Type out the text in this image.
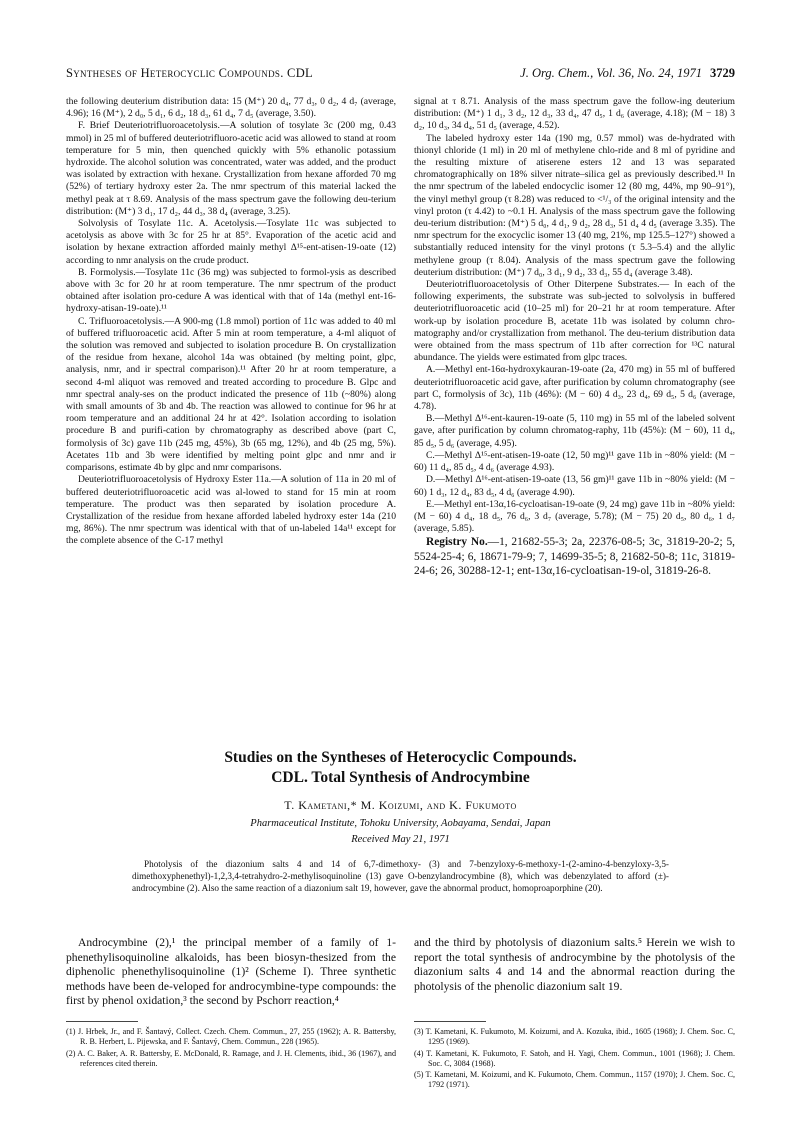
Syntheses of Heterocyclic Compounds. CDL	J. Org. Chem., Vol. 36, No. 24, 1971 3729

the following deuterium distribution data: 15 (M⁺) 20 d₄, 77 d₃, 0 d₂, 4 d₇ (average, 4.96); 16 (M⁺), 2 d₀, 5 d₁, 6 d₂, 18 d₃, 61 d₄, 7 d₅ (average, 3.50).

F. Brief Deuteriotrifluoroacetolysis.—A solution of tosylate 3c (200 mg, 0.43 mmol) in 25 ml of buffered deuteriotrifluoro-acetic acid was allowed to stand at room temperature for 5 min, then quenched quickly with 5% ethanolic potassium hydroxide. The alcohol solution was concentrated, water was added, and the product was isolated by extraction with hexane. Crystallization from hexane afforded 70 mg (52%) of tertiary hydroxy ester 2a. The nmr spectrum of this material lacked the methyl peak at τ 8.69. Analysis of the mass spectrum gave the following deu-terium distribution: (M⁺) 3 d₁, 17 d₂, 44 d₃, 38 d₄ (average, 3.25).

Solvolysis of Tosylate 11c. A. Acetolysis.—Tosylate 11c was subjected to acetolysis as above with 3c for 25 hr at 85°. Evaporation of the acetic acid and isolation by hexane extraction afforded mainly methyl Δ¹⁵-ent-atisen-19-oate (12) according to nmr analysis on the crude product.

B. Formolysis.—Tosylate 11c (36 mg) was subjected to formol-ysis as described above with 3c for 20 hr at room temperature. The nmr spectrum of the product obtained after isolation pro-cedure A was identical with that of 14a (methyl ent-16-hydroxy-atisan-19-oate).¹¹

C. Trifluoroacetolysis.—A 900-mg (1.8 mmol) portion of 11c was added to 40 ml of buffered trifluoroacetic acid. After 5 min at room temperature, a 4-ml aliquot of the solution was removed and subjected to isolation procedure B. On crystallization of the residue from hexane, alcohol 14a was obtained (by melting point, glpc, analysis, nmr, and ir spectral comparison).¹¹ After 20 hr at room temperature, a second 4-ml aliquot was removed and treated according to procedure B. Glpc and nmr spectral analy-ses on the product indicated the presence of 11b (~80%) along with small amounts of 3b and 4b. The reaction was allowed to continue for 96 hr at room temperature and an additional 24 hr at 42°. Isolation according to isolation procedure B and purifi-cation by chromatography as described above (part C, formolysis of 3c) gave 11b (245 mg, 45%), 3b (65 mg, 12%), and 4b (25 mg, 5%). Acetates 11b and 3b were identified by melting point glpc and nmr and ir comparisons, estimate 4b by glpc and nmr comparisons.

Deuteriotrifluoroacetolysis of Hydroxy Ester 11a.—A solution of 11a in 20 ml of buffered deuteriotrifluoroacetic acid was al-lowed to stand for 15 min at room temperature. The product was then separated by isolation procedure A. Crystallization of the residue from hexane afforded labeled hydroxy ester 14a (210 mg, 86%). The nmr spectrum was identical with that of un-labeled 14a¹¹ except for the complete absence of the C-17 methyl

signal at τ 8.71. Analysis of the mass spectrum gave the follow-ing deuterium distribution: (M⁺) 1 d₁, 3 d₂, 12 d₃, 33 d₄, 47 d₅, 1 d₆ (average, 4.18); (M − 18) 3 d₂, 10 d₃, 34 d₄, 51 d₅ (average, 4.52).

The labeled hydroxy ester 14a (190 mg, 0.57 mmol) was de-hydrated with thionyl chloride (1 ml) in 20 ml of methylene chlo-ride and 8 ml of pyridine and the resulting mixture of atiserene esters 12 and 13 was separated chromatographically on 18% silver nitrate–silica gel as previously described.¹¹ In the nmr spectrum of the labeled endocyclic isomer 12 (80 mg, 44%, mp 90–91°), the vinyl methyl group (τ 8.28) was reduced to <¹/₃ of the original intensity and the vinyl proton (τ 4.42) to ~0.1 H. Analysis of the mass spectrum gave the following deu-terium distribution: (M⁺) 5 d₀, 4 d₁, 9 d₂, 28 d₃, 51 d₄ 4 d₅ (average 3.35). The nmr spectrum for the exocyclic isomer 13 (40 mg, 21%, mp 125.5–127°) showed a substantially reduced intensity for the vinyl protons (τ 5.3–5.4) and the allylic methylene group (τ 8.04). Analysis of the mass spectrum gave the following deuterium distribution: (M⁺) 7 d₀, 3 d₁, 9 d₂, 33 d₃, 55 d₄ (average 3.48).

Deuteriotrifluoroacetolysis of Other Diterpene Substrates.— In each of the following experiments, the substrate was sub-jected to solvolysis in buffered deuteriotrifluoroacetic acid (10–25 ml) for 20–21 hr at room temperature. After work-up by isolation procedure B, acetate 11b was isolated by column chro-matography and/or crystallization from methanol. The deu-terium distribution data were obtained from the mass spectrum of 11b after correction for ¹³C natural abundance. The yields were estimated from glpc traces.

A.—Methyl ent-16α-hydroxykauran-19-oate (2a, 470 mg) in 55 ml of buffered deuteriotrifluoroacetic acid gave, after purification by column chromatography (see part C, formolysis of 3c), 11b (46%): (M − 60) 4 d₃, 23 d₄, 69 d₅, 5 d₆ (average, 4.78).

B.—Methyl Δ¹⁶-ent-kauren-19-oate (5, 110 mg) in 55 ml of the labeled solvent gave, after purification by column chromatog-raphy, 11b (45%): (M − 60), 11 d₄, 85 d₅, 5 d₆ (average, 4.95).

C.—Methyl Δ¹⁵-ent-atisen-19-oate (12, 50 mg)¹¹ gave 11b in ~80% yield: (M − 60) 11 d₄, 85 d₅, 4 d₆ (average 4.93).

D.—Methyl Δ¹⁶-ent-atisen-19-oate (13, 56 gm)¹¹ gave 11b in ~80% yield: (M − 60) 1 d₃, 12 d₄, 83 d₅, 4 d₆ (average 4.90).

E.—Methyl ent-13α,16-cycloatisan-19-oate (9, 24 mg) gave 11b in ~80% yield: (M − 60) 4 d₄, 18 d₅, 76 d₆, 3 d₇ (average, 5.78); (M − 75) 20 d₅, 80 d₆, 1 d₇ (average, 5.85).

Registry No.—1, 21682-55-3; 2a, 22376-08-5; 3c, 31819-20-2; 5, 5524-25-4; 6, 18671-79-9; 7, 14699-35-5; 8, 21682-50-8; 11c, 31819-24-6; 26, 30288-12-1; ent-13α,16-cycloatisan-19-ol, 31819-26-8.

Studies on the Syntheses of Heterocyclic Compounds.
CDL. Total Synthesis of Androcymbine
T. Kametani,* M. Koizumi, and K. Fukumoto
Pharmaceutical Institute, Tohoku University, Aobayama, Sendai, Japan
Received May 21, 1971

Photolysis of the diazonium salts 4 and 14 of 6,7-dimethoxy- (3) and 7-benzyloxy-6-methoxy-1-(2-amino-4-benzyloxy-3,5-dimethoxyphenethyl)-1,2,3,4-tetrahydro-2-methylisoquinoline (13) gave O-benzylandrocymbine (8), which was debenzylated to afford (±)-androcymbine (2). Also the same reaction of a diazonium salt 19, however, gave the abnormal product, homoproaporphine (20).

Androcymbine (2),¹ the principal member of a family of 1-phenethylisoquinoline alkaloids, has been biosyn-thesized from the diphenolic phenethylisoquinoline (1)² (Scheme I). Three synthetic methods have been de-veloped for androcymbine-type compounds: the first by phenol oxidation,³ the second by Pschorr reaction,⁴

and the third by photolysis of diazonium salts.⁵ Herein we wish to report the total synthesis of androcymbine by the photolysis of the diazonium salts 4 and 14 and the abnormal reaction during the photolysis of the phenolic diazonium salt 19.

(1) J. Hrbek, Jr., and F. Šantavý, Collect. Czech. Chem. Commun., 27, 255 (1962); A. R. Battersby, R. B. Herbert, L. Pijewska, and F. Šantavý, Chem. Commun., 228 (1965).

(2) A. C. Baker, A. R. Battersby, E. McDonald, R. Ramage, and J. H. Clements, ibid., 36 (1967), and references cited therein.

(3) T. Kametani, K. Fukumoto, M. Koizumi, and A. Kozuka, ibid., 1605 (1968); J. Chem. Soc. C, 1295 (1969).

(4) T. Kametani, K. Fukumoto, F. Satoh, and H. Yagi, Chem. Commun., 1001 (1968); J. Chem. Soc. C, 3084 (1968).

(5) T. Kametani, M. Koizumi, and K. Fukumoto, Chem. Commun., 1157 (1970); J. Chem. Soc. C, 1792 (1971).
